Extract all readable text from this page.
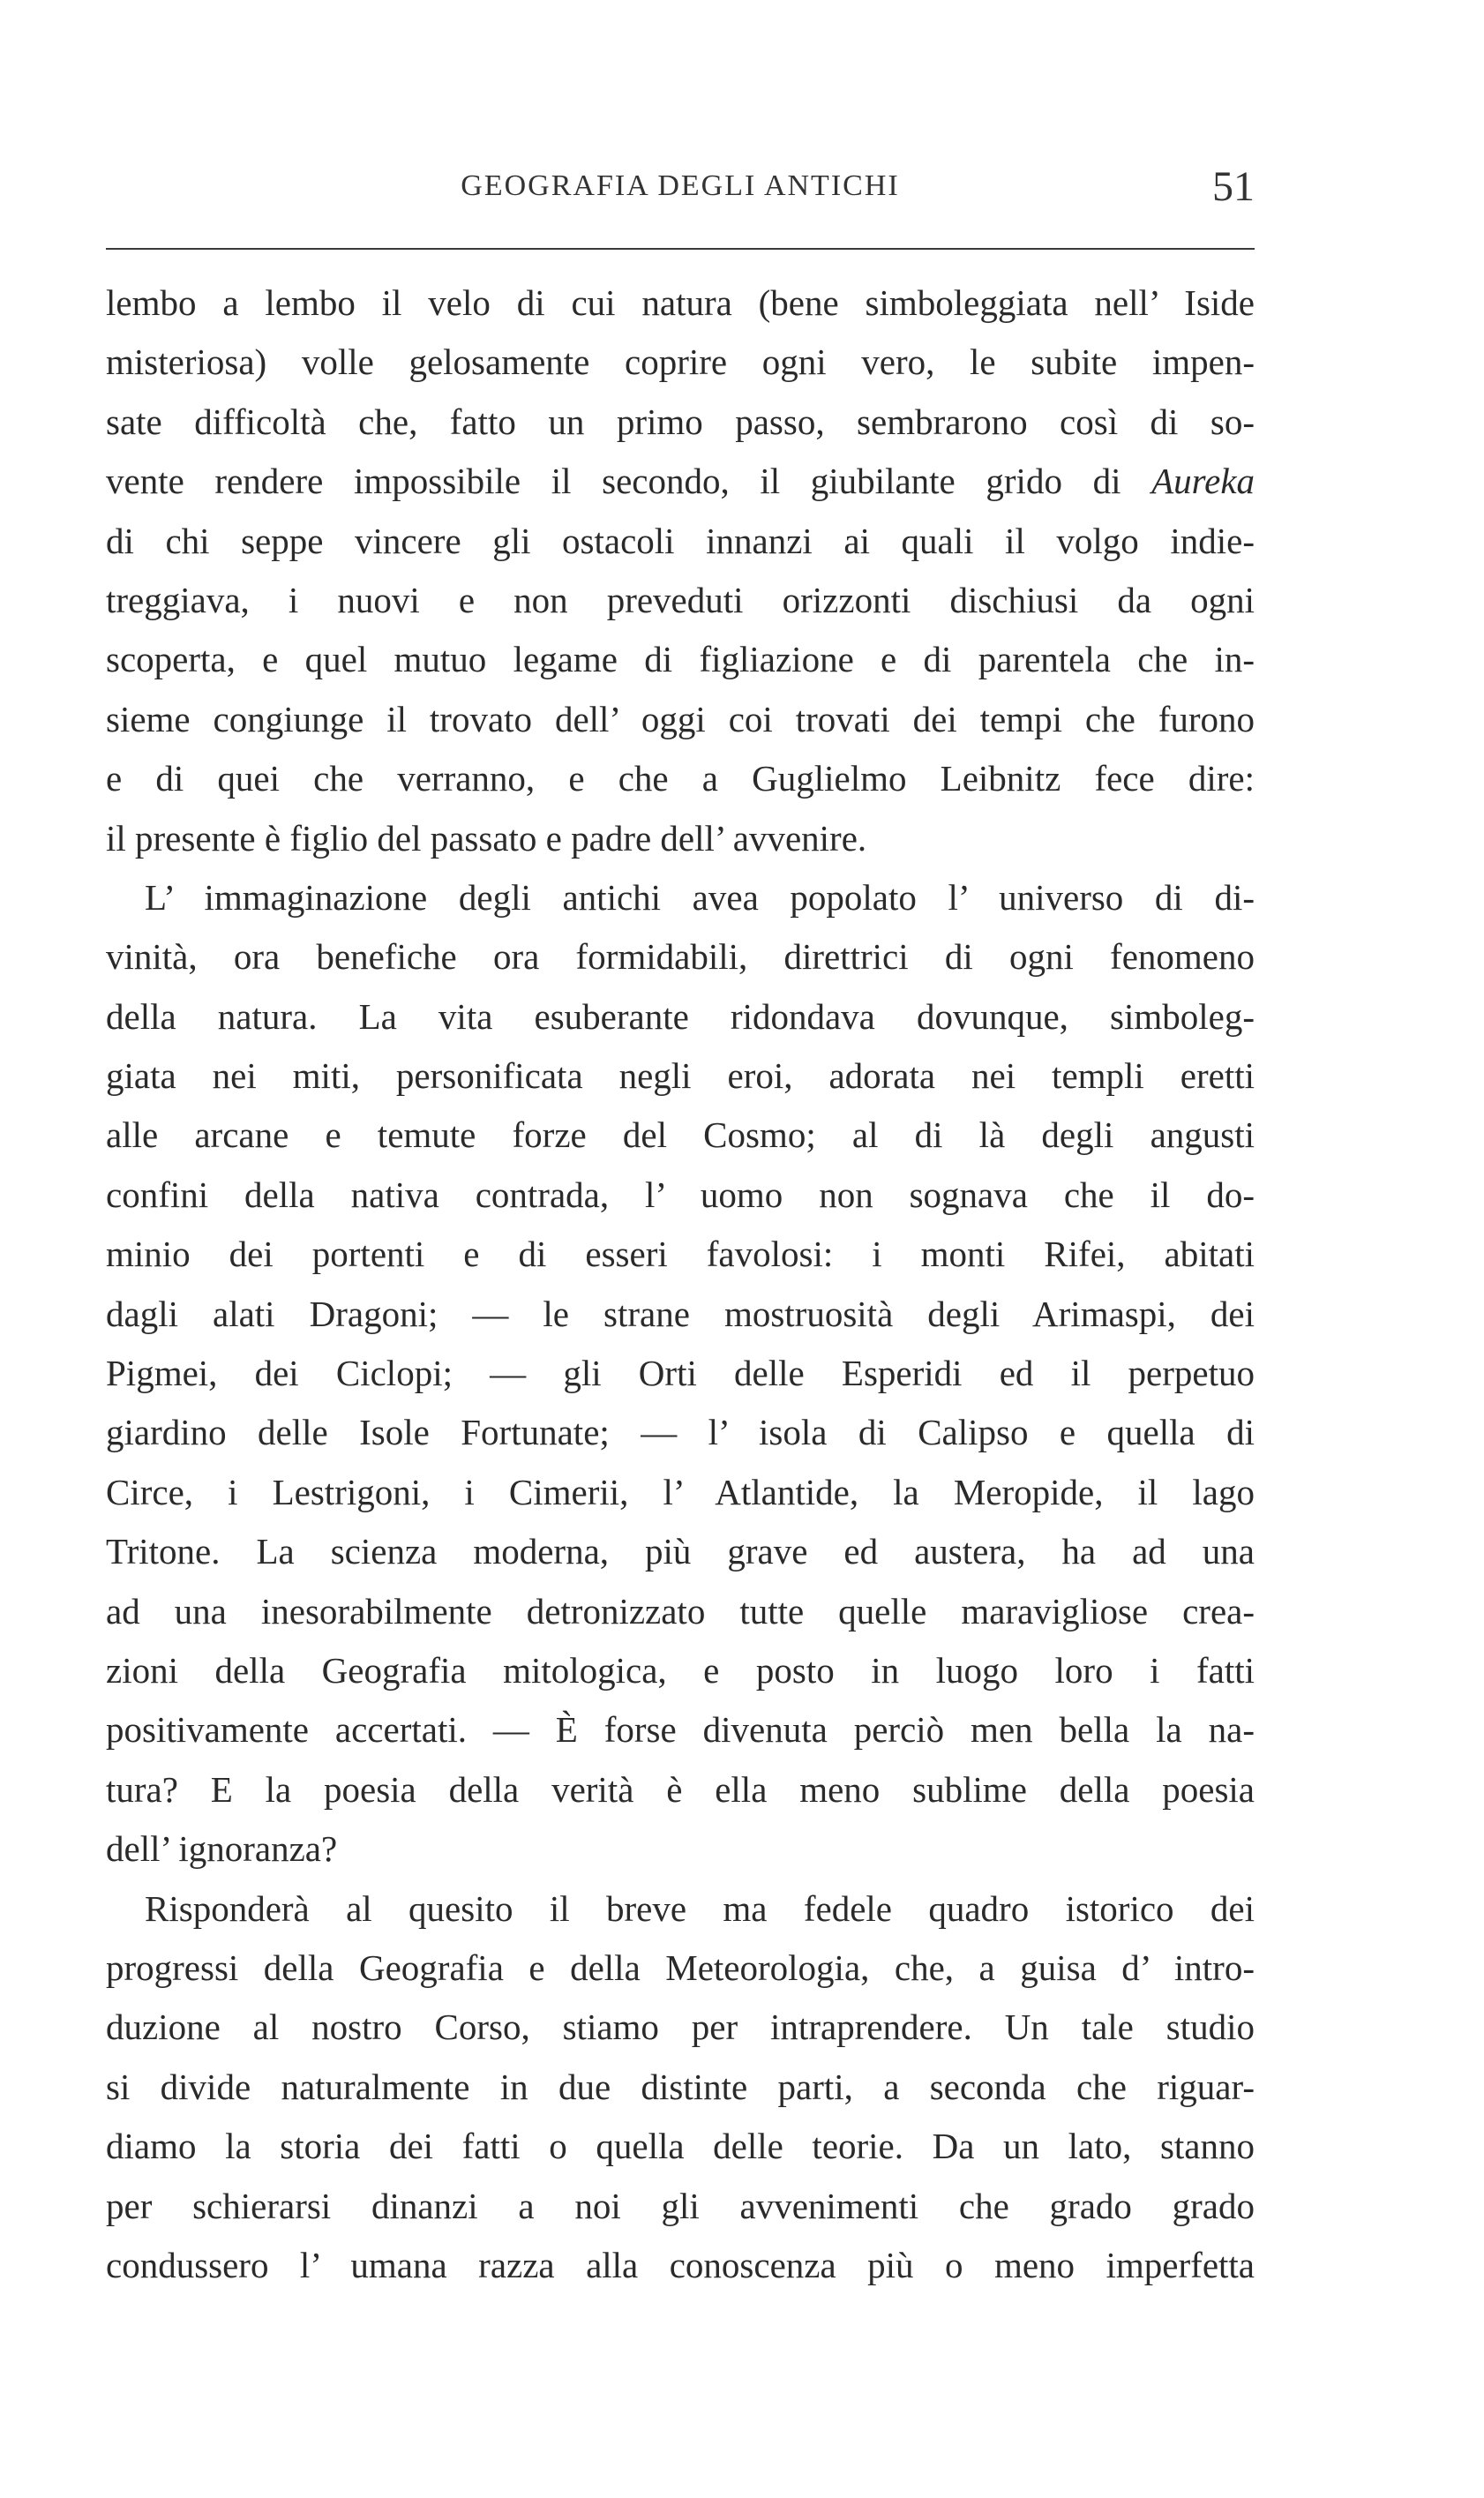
GEOGRAFIA DEGLI ANTICHI	51
lembo a lembo il velo di cui natura (bene simboleggiata nell’ Iside
misteriosa) volle gelosamente coprire ogni vero, le subite impen-
sate difficoltà che, fatto un primo passo, sembrarono così di so-
vente rendere impossibile il secondo, il giubilante grido di Aureka
di chi seppe vincere gli ostacoli innanzi ai quali il volgo indie-
treggiava, i nuovi e non preveduti orizzonti dischiusi da ogni
scoperta, e quel mutuo legame di figliazione e di parentela che in-
sieme congiunge il trovato dell’ oggi coi trovati dei tempi che furono
e di quei che verranno, e che a Guglielmo Leibnitz fece dire:
il presente è figlio del passato e padre dell’ avvenire.
L’ immaginazione degli antichi avea popolato l’ universo di di-
vinità, ora benefiche ora formidabili, direttrici di ogni fenomeno
della natura. La vita esuberante ridondava dovunque, simboleg-
giata nei miti, personificata negli eroi, adorata nei templi eretti
alle arcane e temute forze del Cosmo; al di là degli angusti
confini della nativa contrada, l’ uomo non sognava che il do-
minio dei portenti e di esseri favolosi: i monti Rifei, abitati
dagli alati Dragoni; — le strane mostruosità degli Arimaspi, dei
Pigmei, dei Ciclopi; — gli Orti delle Esperidi ed il perpetuo
giardino delle Isole Fortunate; — l’ isola di Calipso e quella di
Circe, i Lestrigoni, i Cimerii, l’ Atlantide, la Meropide, il lago
Tritone. La scienza moderna, più grave ed austera, ha ad una
ad una inesorabilmente detronizzato tutte quelle maravigliose crea-
zioni della Geografia mitologica, e posto in luogo loro i fatti
positivamente accertati. — È forse divenuta perciò men bella la na-
tura? E la poesia della verità è ella meno sublime della poesia
dell’ ignoranza?
Risponderà al quesito il breve ma fedele quadro istorico dei
progressi della Geografia e della Meteorologia, che, a guisa d’ intro-
duzione al nostro Corso, stiamo per intraprendere. Un tale studio
si divide naturalmente in due distinte parti, a seconda che riguar-
diamo la storia dei fatti o quella delle teorie. Da un lato, stanno
per schierarsi dinanzi a noi gli avvenimenti che grado grado
condussero l’ umana razza alla conoscenza più o meno imperfetta
